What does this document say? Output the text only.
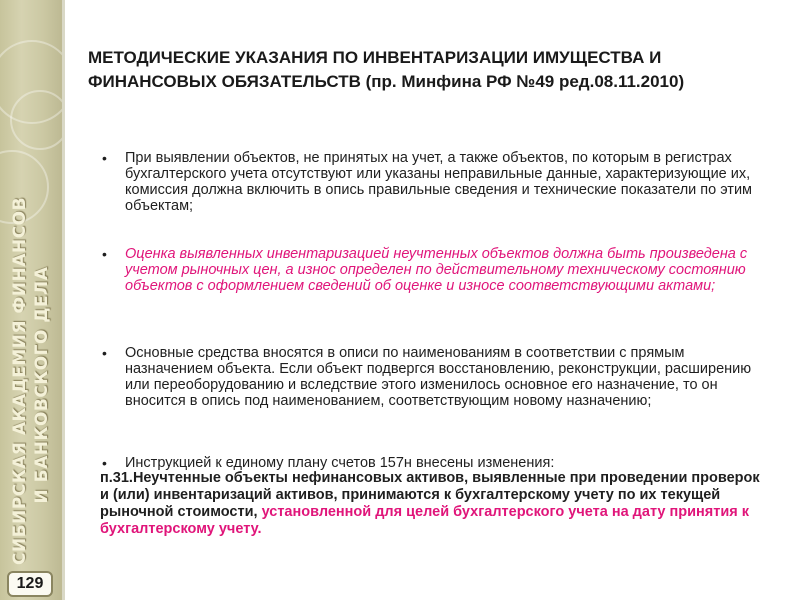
СИБИРСКАЯ АКАДЕМИЯ ФИНАНСОВ И БАНКОВСКОГО ДЕЛА
129
МЕТОДИЧЕСКИЕ УКАЗАНИЯ ПО ИНВЕНТАРИЗАЦИИ ИМУЩЕСТВА И ФИНАНСОВЫХ ОБЯЗАТЕЛЬСТВ (пр. Минфина РФ №49 ред.08.11.2010)
• При выявлении объектов, не принятых на учет, а также объектов, по которым в регистрах бухгалтерского учета отсутствуют или указаны неправильные данные, характеризующие их, комиссия должна включить в опись правильные сведения и технические показатели по этим объектам;
• Оценка выявленных инвентаризацией неучтенных объектов должна быть произведена с учетом рыночных цен, а износ определен по действительному техническому состоянию объектов с оформлением сведений об оценке и износе соответствующими актами;
• Основные средства вносятся в описи по наименованиям в соответствии с прямым назначением объекта. Если объект подвергся восстановлению, реконструкции, расширению или переоборудованию и вследствие этого изменилось основное его назначение, то он вносится в опись под наименованием, соответствующим новому назначению;
• Инструкцией к единому плану счетов 157н внесены изменения:
п.31.Неучтенные объекты нефинансовых активов, выявленные при проведении проверок и (или) инвентаризаций активов, принимаются к бухгалтерскому учету по их текущей рыночной стоимости, установленной для целей бухгалтерского учета на дату принятия к бухгалтерскому учету.
